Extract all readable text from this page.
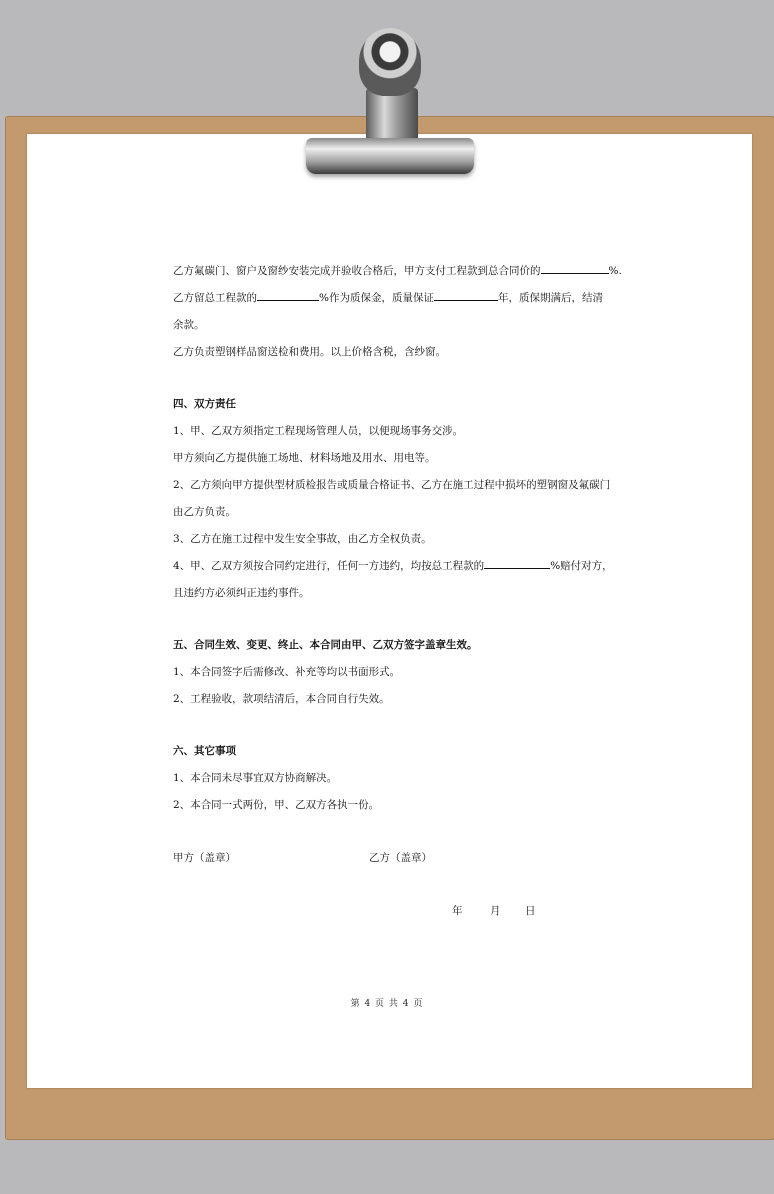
乙方氟碳门、窗户及窗纱安装完成并验收合格后，甲方支付工程款到总合同价的	%.
乙方留总工程款的	%作为质保金，质量保证	年，质保期满后，结清
余款。
乙方负责塑钢样品窗送检和费用。以上价格含税，含纱窗。
四、双方责任
1、甲、乙双方须指定工程现场管理人员，以便现场事务交涉。
甲方须向乙方提供施工场地、材料场地及用水、用电等。
2、乙方须向甲方提供型材质检报告或质量合格证书、乙方在施工过程中损坏的塑钢窗及氟碳门
由乙方负责。
3、乙方在施工过程中发生安全事故，由乙方全权负责。
4、甲、乙双方须按合同约定进行，任何一方违约，均按总工程款的	%赔付对方，
且违约方必须纠正违约事件。
五、合同生效、变更、终止、本合同由甲、乙双方签字盖章生效。
1、本合同签字后需修改、补充等均以书面形式。
2、工程验收，款项结清后，本合同自行失效。
六、其它事项
1、本合同未尽事宜双方协商解决。
2、本合同一式两份，甲、乙双方各执一份。
甲方（盖章）	乙方（盖章）
年	月 日
第 4 页 共 4 页
